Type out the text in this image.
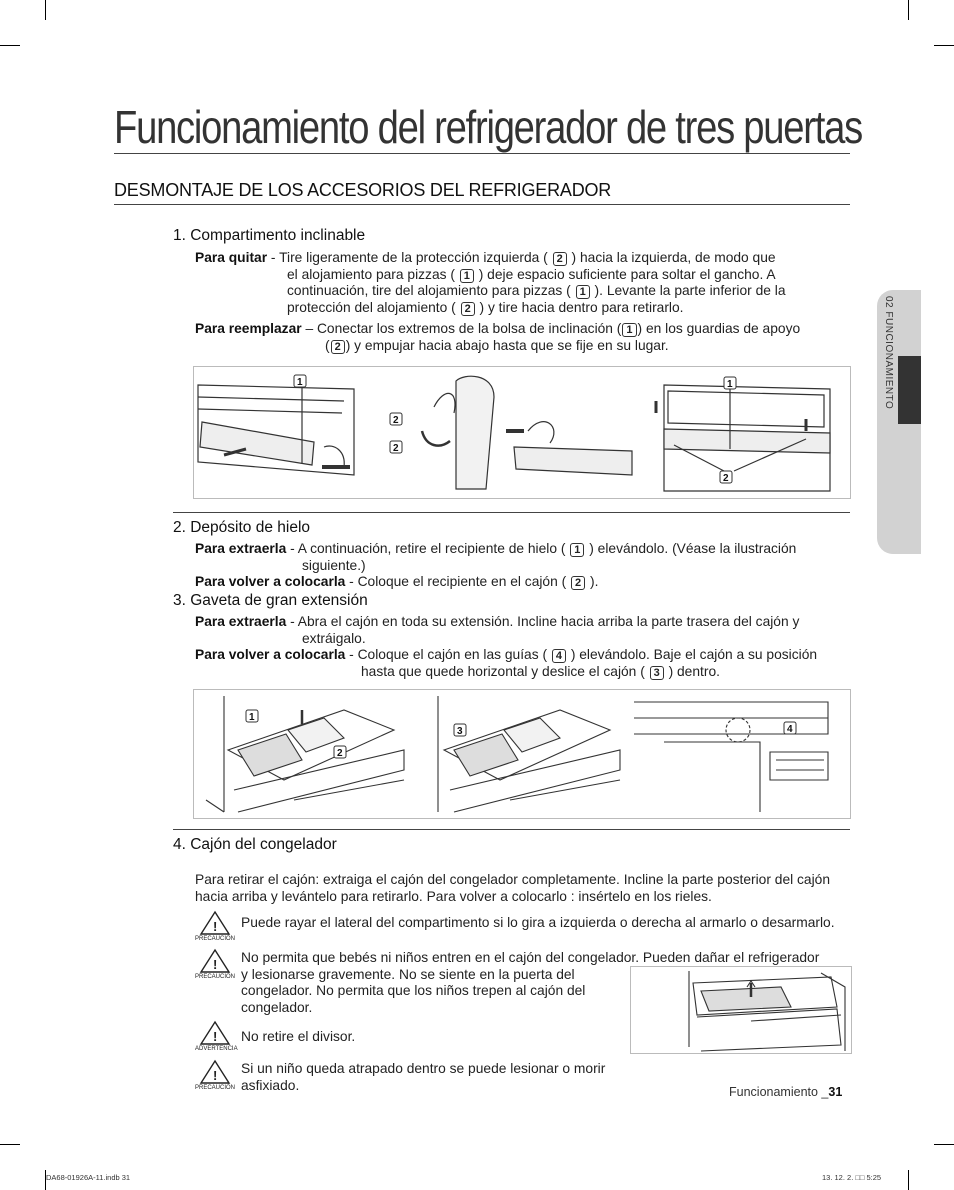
Funcionamiento del refrigerador de tres puertas
DESMONTAJE DE LOS ACCESORIOS DEL REFRIGERADOR
02 FUNCIONAMIENTO
1. Compartimento inclinable
Para quitar - Tire ligeramente de la protección izquierda ( 2 ) hacia la izquierda, de modo que
el alojamiento para pizzas ( 1 ) deje espacio suficiente para soltar el gancho. A
continuación, tire del alojamiento para pizzas ( 1 ). Levante la parte inferior de la
protección del alojamiento ( 2 ) y tire hacia dentro para retirarlo.
Para reemplazar – Conectar los extremos de la bolsa de inclinación ( 1 ) en los guardias de apoyo
( 2 ) y empujar hacia abajo hasta que se fije en su lugar.
1
2
2
1
2
2. Depósito de hielo
Para extraerla - A continuación, retire el recipiente de hielo ( 1 ) elevándolo. (Véase la ilustración
siguiente.)
Para volver a colocarla - Coloque el recipiente en el cajón ( 2 ).
3. Gaveta de gran extensión
Para extraerla - Abra el cajón en toda su extensión. Incline hacia arriba la parte trasera del cajón y
extráigalo.
Para volver a colocarla - Coloque el cajón en las guías ( 4 ) elevándolo. Baje el cajón a su posición
hasta que quede horizontal y deslice el cajón ( 3 ) dentro.
1
2
3	4
4. Cajón del congelador
Para retirar el cajón: extraiga el cajón del congelador completamente. Incline la parte posterior del cajón
hacia arriba y levántelo para retirarlo. Para volver a colocarlo : insértelo en los rieles.
!
PRECAUCIÓN
Puede rayar el lateral del compartimento si lo gira a izquierda o derecha al armarlo o desarmarlo.
!
PRECAUCIÓN
No permita que bebés ni niños entren en el cajón del congelador. Pueden dañar el refrigerador
y lesionarse gravemente. No se siente en la puerta del
congelador. No permita que los niños trepen al cajón del
congelador.
!
ADVERTENCIA
No retire el divisor.
!
PRECAUCIÓN
Si un niño queda atrapado dentro se puede lesionar o morir
asfixiado.	Funcionamiento _31
DA68-01926A-11.indb 31	13. 12. 2. □□ 5:25
